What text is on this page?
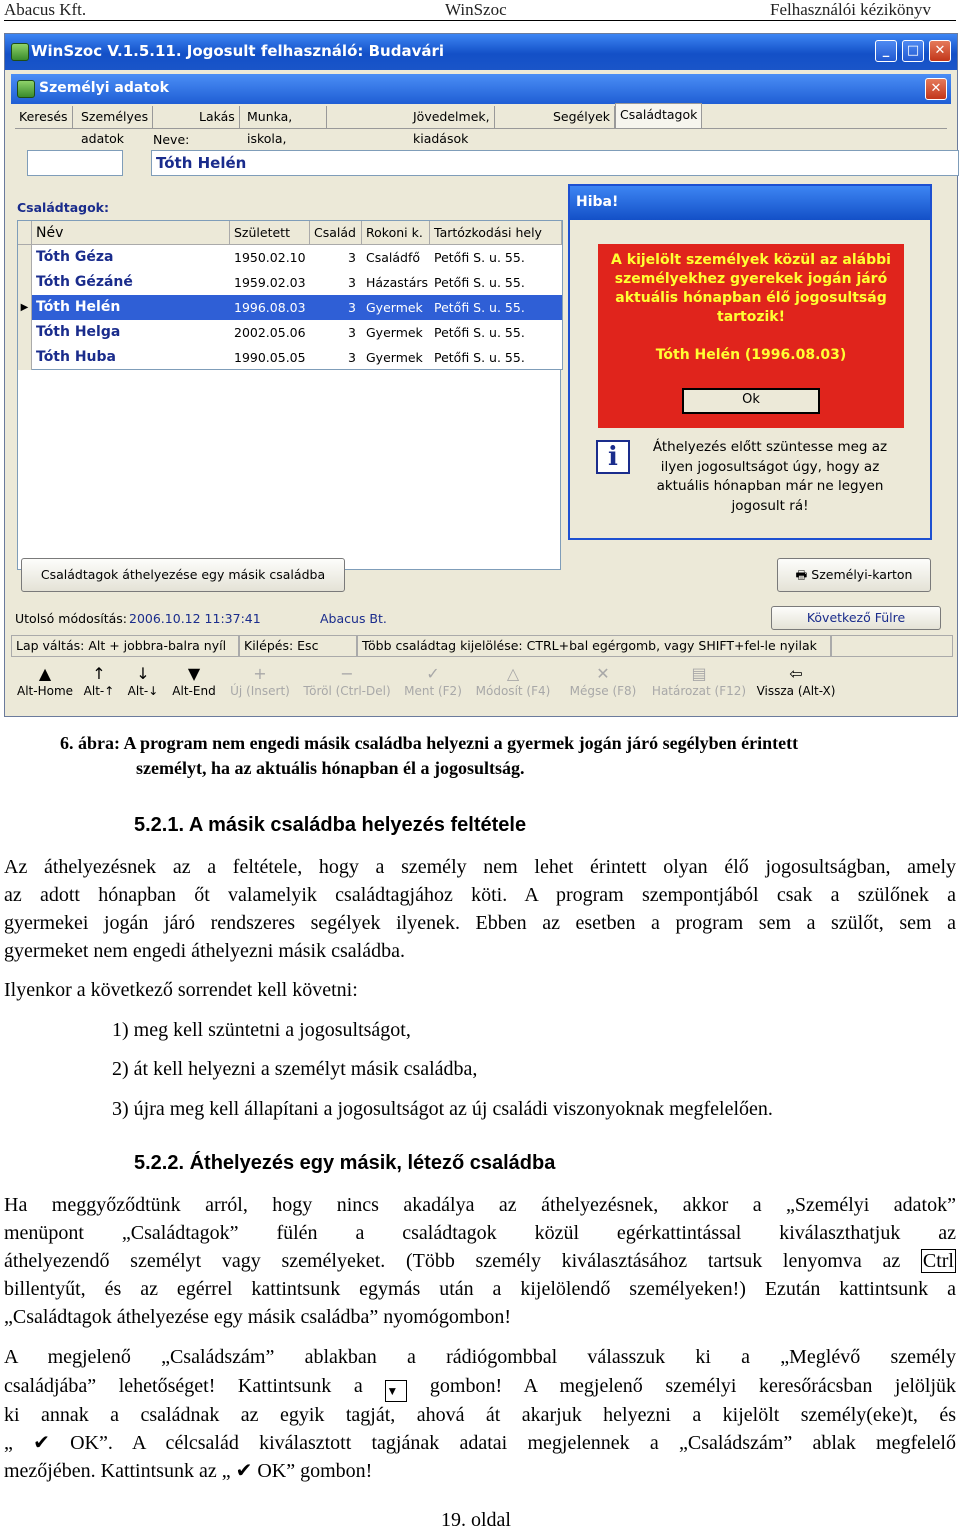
Abacus Kft.	WinSzoc	Felhasználói kézikönyv
WinSzoc V.1.5.11. Jogosult felhasználó: Budavári	_	□	✕
Személyi adatok	✕
Keresés	Személyes adatok
Lakás Munka, iskola,
Jövedelmek, kiadások
Segélyek Családtagok
Neve:
Tóth Helén
Családtagok:
Név	Született	Család Rokoni k. Tartózkodási hely
Tóth Géza	1950.02.10	3 Családfő	Petőfi S. u. 55.
Tóth Gézáné	1959.02.03	3 Házastárs Petőfi S. u. 55.
▶ Tóth Helén	1996.08.03	3 Gyermek Petőfi S. u. 55.
Tóth Helga	2002.05.06	3 Gyermek Petőfi S. u. 55.
Tóth Huba	1990.05.05	3 Gyermek Petőfi S. u. 55.
Hiba!
A kijelölt személyek közül az alábbi
személyekhez gyerekek jogán járó
aktuális hónapban élő jogosultság
tartozik!
Tóth Helén (1996.08.03)
Ok
i	Áthelyezés előtt szüntesse meg az
ilyen jogosultságot úgy, hogy az
aktuális hónapban már ne legyen
jogosult rá!
Családtagok áthelyezése egy másik családba	🖶 Személyi-karton
Utolsó módosítás: 2006.10.12 11:37:41	Abacus Bt.	Következő Fülre
Lap váltás: Alt + jobbra-balra nyíl	Kilépés: Esc	Több családtag kijelölése: CTRL+bal egérgomb, vagy SHIFT+fel-le nyilak
▲
Alt-Home
↑
Alt-↑
↓
Alt-↓
▼
Alt-End
+
Új (Insert)
−
Töröl (Ctrl-Del)
✓
Ment (F2)
△
Módosít (F4)
✕
Mégse (F8)
▤
Határozat (F12)
⇦
Vissza (Alt-X)
6. ábra: A program nem engedi másik családba helyezni a gyermek jogán járó segélyben érintett
személyt, ha az aktuális hónapban él a jogosultság.
5.2.1. A másik családba helyezés feltétele
Az áthelyezésnek az a feltétele, hogy a személy nem lehet érintett olyan élő jogosultságban, amely
az adott hónapban őt valamelyik családtagjához köti. A program szempontjából csak a szülőnek a
gyermekei jogán járó rendszeres segélyek ilyenek. Ebben az esetben a program sem a szülőt, sem a
gyermeket nem engedi áthelyezni másik családba.
Ilyenkor a következő sorrendet kell követni:
1) meg kell szüntetni a jogosultságot,
2) át kell helyezni a személyt másik családba,
3) újra meg kell állapítani a jogosultságot az új családi viszonyoknak megfelelően.
5.2.2. Áthelyezés egy másik, létező családba
Ha meggyőződtünk arról, hogy nincs akadálya az áthelyezésnek, akkor a „Személyi adatok”
menüpont „Családtagok” fülén a családtagok közül egérkattintással kiválaszthatjuk az
áthelyezendő személyt vagy személyeket. (Több személy kiválasztásához tartsuk lenyomva az Ctrl
billentyűt, és az egérrel kattintsunk egymás után a kijelölendő személyeken!) Ezután kattintsunk a
„Családtagok áthelyezése egy másik családba” nyomógombon!
A megjelenő „Családszám” ablakban a rádiógombbal válasszuk ki a „Meglévő személy
családjába” lehetőséget! Kattintsunk a ▼ gombon! A megjelenő személyi keresőrácsban jelöljük
ki annak a családnak az egyik tagját, ahová át akarjuk helyezni a kijelölt személy(eke)t, és
„ ✔ OK”. A célcsalád kiválasztott tagjának adatai megjelennek a „Családszám” ablak megfelelő
mezőjében. Kattintsunk az „ ✔ OK” gombon!
19. oldal
